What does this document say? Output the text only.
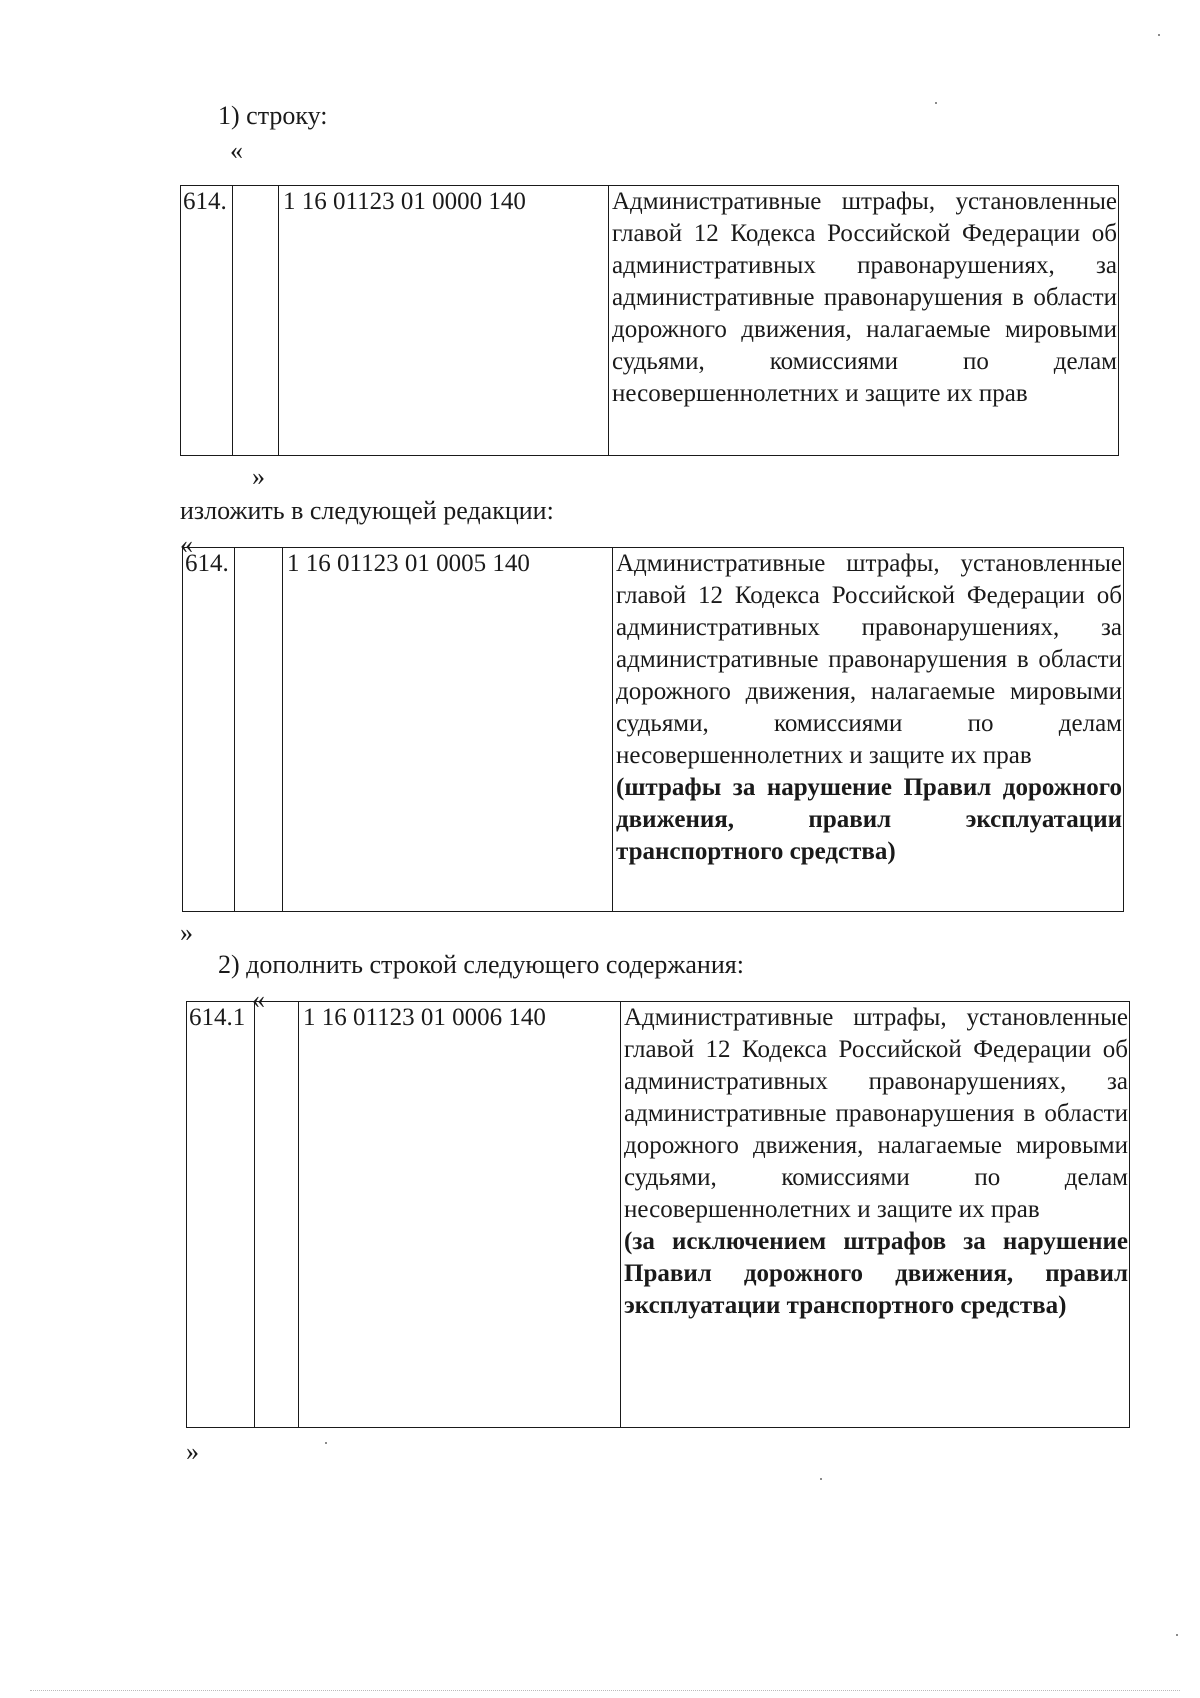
1) строку:
«
614.		1 16 01123 01 0000 140	Административные штрафы, установленные главой 12 Кодекса Российской Федерации об административных правонарушениях, за административные правонарушения в области дорожного движения, налагаемые мировыми судьями, комиссиями по делам несовершеннолетних и защите их прав
»
изложить в следующей редакции:
«
614.		1 16 01123 01 0005 140	Административные штрафы, установленные главой 12 Кодекса Российской Федерации об административных правонарушениях, за административные правонарушения в области дорожного движения, налагаемые мировыми судьями, комиссиями по делам несовершеннолетних и защите их прав
(штрафы за нарушение Правил дорожного движения, правил эксплуатации транспортного средства)
»
2) дополнить строкой следующего содержания:
«
614.1		1 16 01123 01 0006 140	Административные штрафы, установленные главой 12 Кодекса Российской Федерации об административных правонарушениях, за административные правонарушения в области дорожного движения, налагаемые мировыми судьями, комиссиями по делам несовершеннолетних и защите их прав
(за исключением штрафов за нарушение Правил дорожного движения, правил эксплуатации транспортного средства)
»
